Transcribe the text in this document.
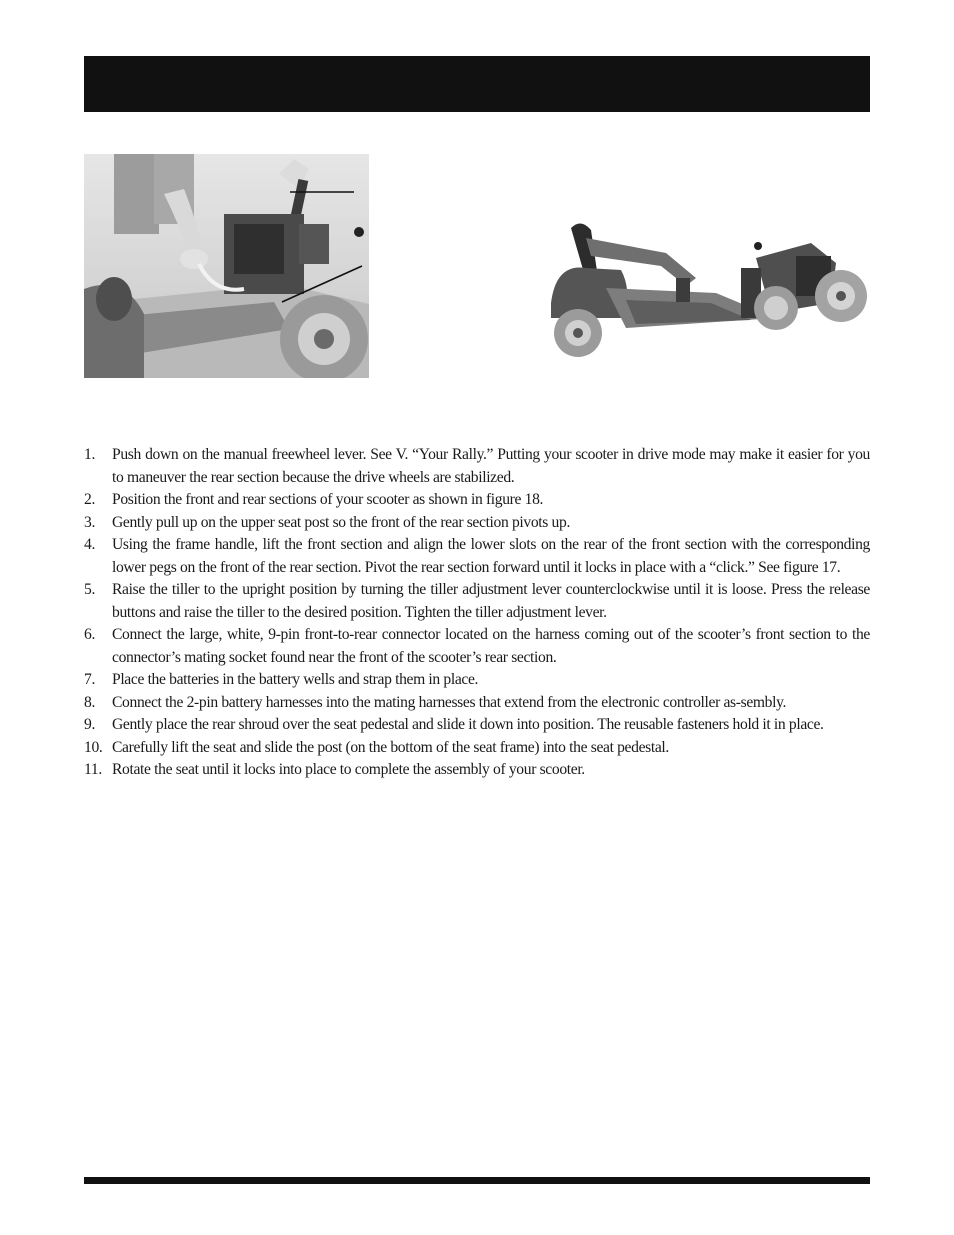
1.	Push down on the manual freewheel lever. See V. “Your Rally.” Putting your scooter in drive mode may make it easier for you to maneuver the rear section because the drive wheels are stabilized.
2.	Position the front and rear sections of your scooter as shown in figure 18.
3.	Gently pull up on the upper seat post so the front of the rear section pivots up.
4.	Using the frame handle, lift the front section and align the lower slots on the rear of the front section with the corresponding lower pegs on the front of the rear section. Pivot the rear section forward until it locks in place with a “click.” See figure 17.
5.	Raise the tiller to the upright position by turning the tiller adjustment lever counterclockwise until it is loose. Press the release buttons and raise the tiller to the desired position. Tighten the tiller adjustment lever.
6.	Connect the large, white, 9-pin front-to-rear connector located on the harness coming out of the scooter’s front section to the connector’s mating socket found near the front of the scooter’s rear section.
7.	Place the batteries in the battery wells and strap them in place.
8.	Connect the 2-pin battery harnesses into the mating harnesses that extend from the electronic controller as-sembly.
9.	Gently place the rear shroud over the seat pedestal and slide it down into position. The reusable fasteners hold it in place.
10. Carefully lift the seat and slide the post (on the bottom of the seat frame) into the seat pedestal.
11. Rotate the seat until it locks into place to complete the assembly of your scooter.
